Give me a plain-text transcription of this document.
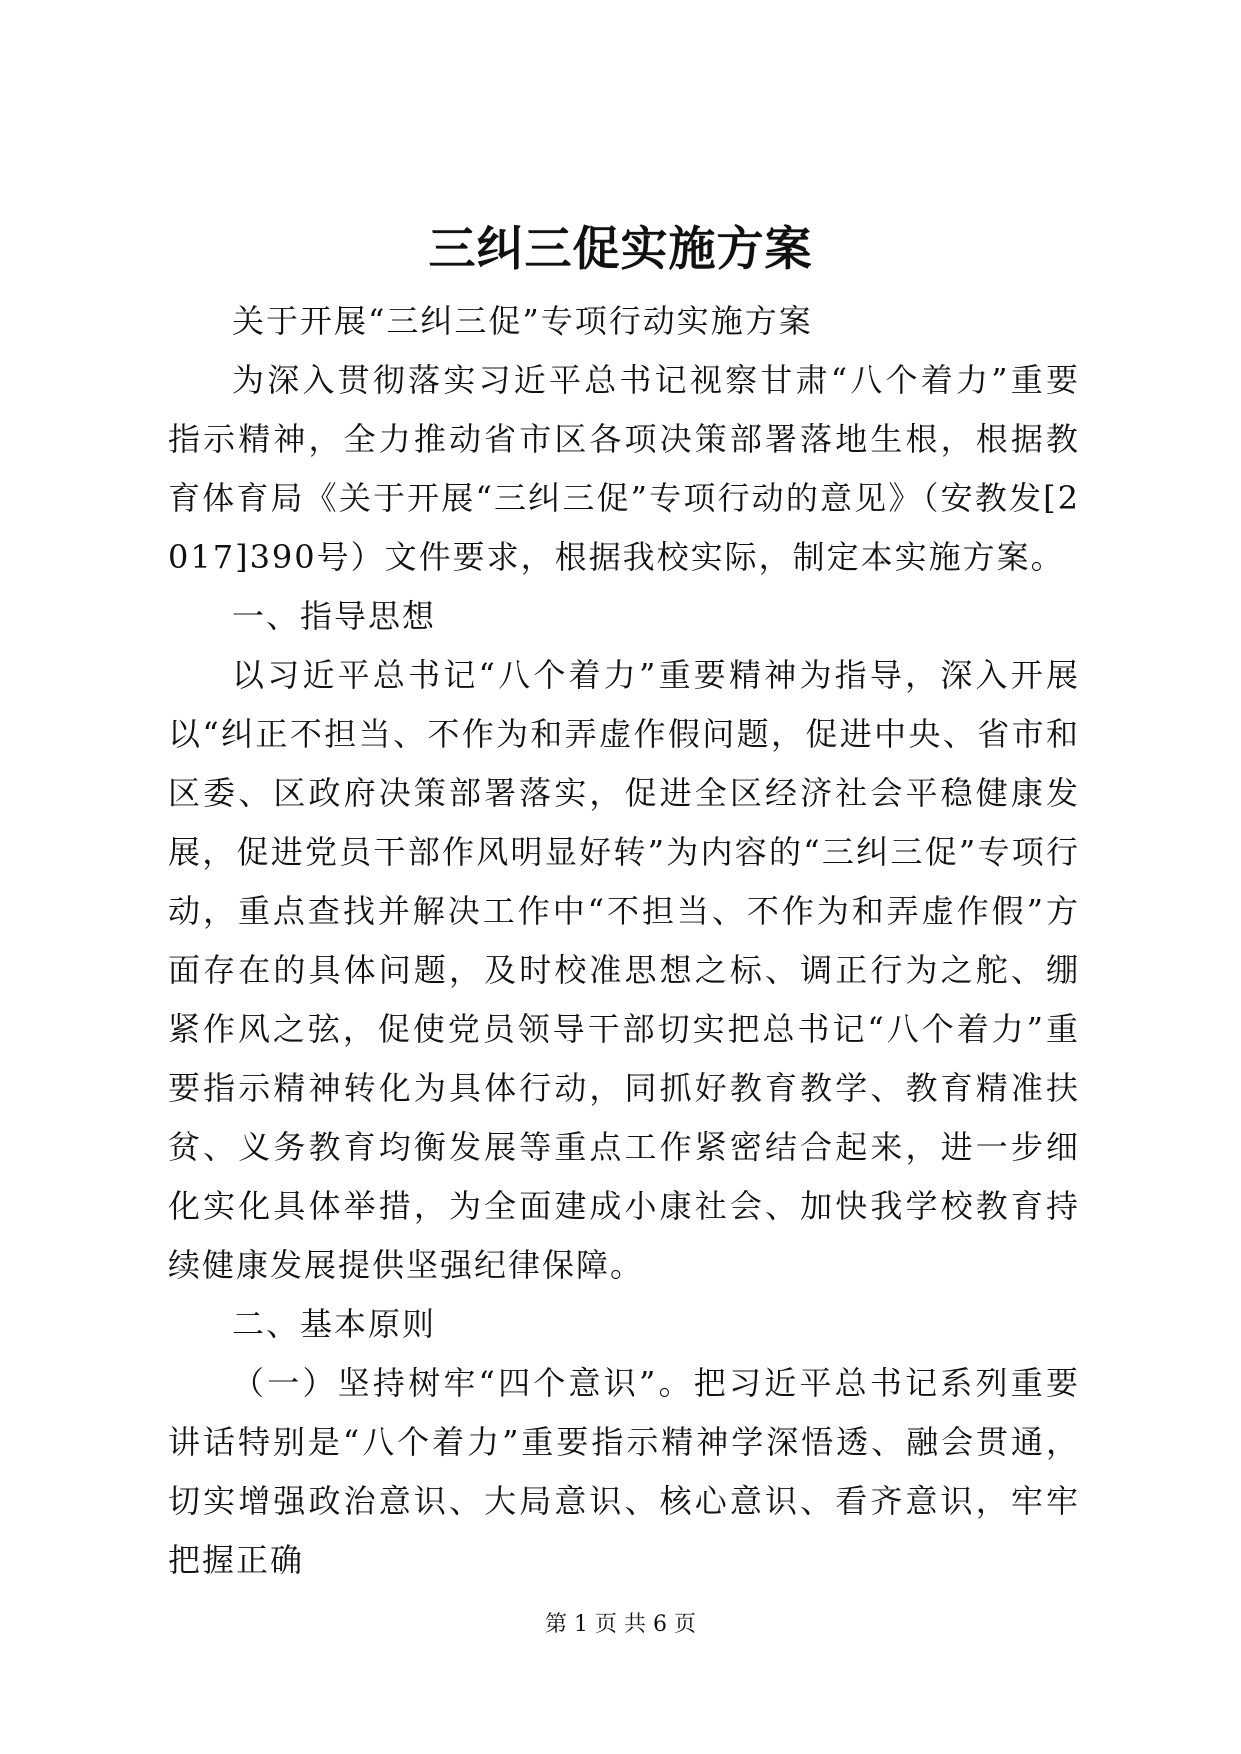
三纠三促实施方案

关于开展“三纠三促”专项行动实施方案

为深入贯彻落实习近平总书记视察甘肃“八个着力”重要指示精神，全力推动省市区各项决策部署落地生根，根据教育体育局《关于开展“三纠三促”专项行动的意见》（安教发[2017]390号）文件要求，根据我校实际，制定本实施方案。

一、指导思想

以习近平总书记“八个着力”重要精神为指导，深入开展以“纠正不担当、不作为和弄虚作假问题，促进中央、省市和区委、区政府决策部署落实，促进全区经济社会平稳健康发展，促进党员干部作风明显好转”为内容的“三纠三促”专项行动，重点查找并解决工作中“不担当、不作为和弄虚作假”方面存在的具体问题，及时校准思想之标、调正行为之舵、绷紧作风之弦，促使党员领导干部切实把总书记“八个着力”重要指示精神转化为具体行动，同抓好教育教学、教育精准扶贫、义务教育均衡发展等重点工作紧密结合起来，进一步细化实化具体举措，为全面建成小康社会、加快我学校教育持续健康发展提供坚强纪律保障。

二、基本原则

（一）坚持树牢“四个意识”。把习近平总书记系列重要讲话特别是“八个着力”重要指示精神学深悟透、融会贯通，切实增强政治意识、大局意识、核心意识、看齐意识，牢牢把握正确

第 1 页 共 6 页
